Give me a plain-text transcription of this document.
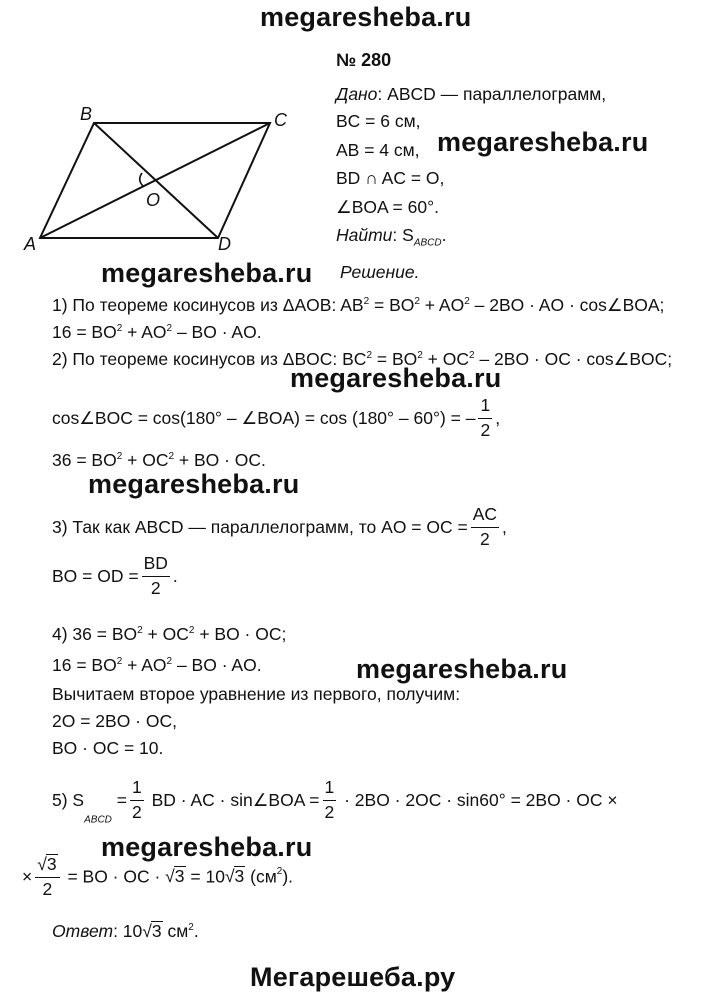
megaresheba.ru
megaresheba.ru
megaresheba.ru
megaresheba.ru
megaresheba.ru
megaresheba.ru
megaresheba.ru
Мегарешеба.ру
№ 280
A
B	C
D
O
Дано: ABCD — параллелограмм,
BC = 6 см,
AB = 4 см,
BD ∩ AC = O,
∠BOA = 60°.
Найти: $S_{ABCD}$.
Решение.
1) По теореме косинусов из ΔAOB: $AB^2 = BO^2 + AO^2 - 2BO$ · AO · cos∠BOA;
$16 = BO^2 + AO^2$ – BO · AO.
2) По теореме косинусов из ΔBOC: $BC^2 = BO^2 + OC^2 - 2BO$ · OC · cos∠BOC;
cos∠BOC = cos(180° – ∠BOA) = cos (180° – 60°) = – $\frac{1}{2}$ ,
$36 = BO^2 + OC^2$ + BO · OC.
3) Так как ABCD — параллелограмм, то AO = OC = $\frac{AC}{2}$ ,
BO = OD = $\frac{BD}{2}$ .
4) $36 = BO^2 + OC^2$ + BO · OC;
$16 = BO^2 + AO^2$ – BO · AO.
Вычитаем второе уравнение из первого, получим:
2O = 2BO · OC,
BO · OC = 10.
5) $S_{ABCD} = \frac{1}{2}$ BD · AC · sin∠BOA = $\frac{1}{2} \cdot 2BO \cdot 2OC \cdot \sin 60^\circ = 2BO$ · OC ×
× $\frac{√3}{2}$ = BO · OC · √3 = 10√3 $(см^2)$.
Ответ: 10√3 $см^2$.
